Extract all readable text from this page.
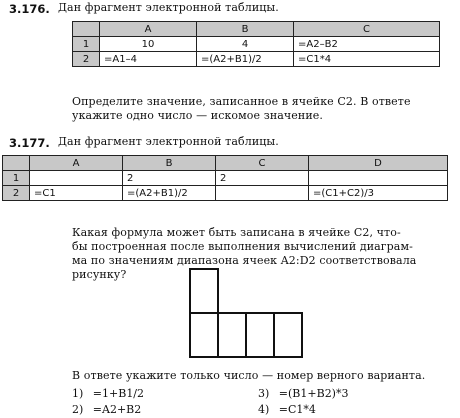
3.176. Дан фрагмент электронной таблицы.
	A	B	C
1	10	4	=A2–B2
2	=A1–4	=(A2+B1)/2	=C1*4
Определите значение, записанное в ячейке C2. В ответе
укажите одно число — искомое значение.
3.177. Дан фрагмент электронной таблицы.
	A	B	C	D
1		2	2	
2	=C1	=(A2+B1)/2		=(C1+C2)/3
Какая формула может быть записана в ячейке C2, что-
бы построенная после выполнения вычислений диаграм-
ма по значениям диапазона ячеек A2:D2 соответствовала
рисунку?
В ответе укажите только число — номер верного варианта.
1) =1+B1/2
2) =A2+B2
3) =(B1+B2)*3
4) =C1*4
